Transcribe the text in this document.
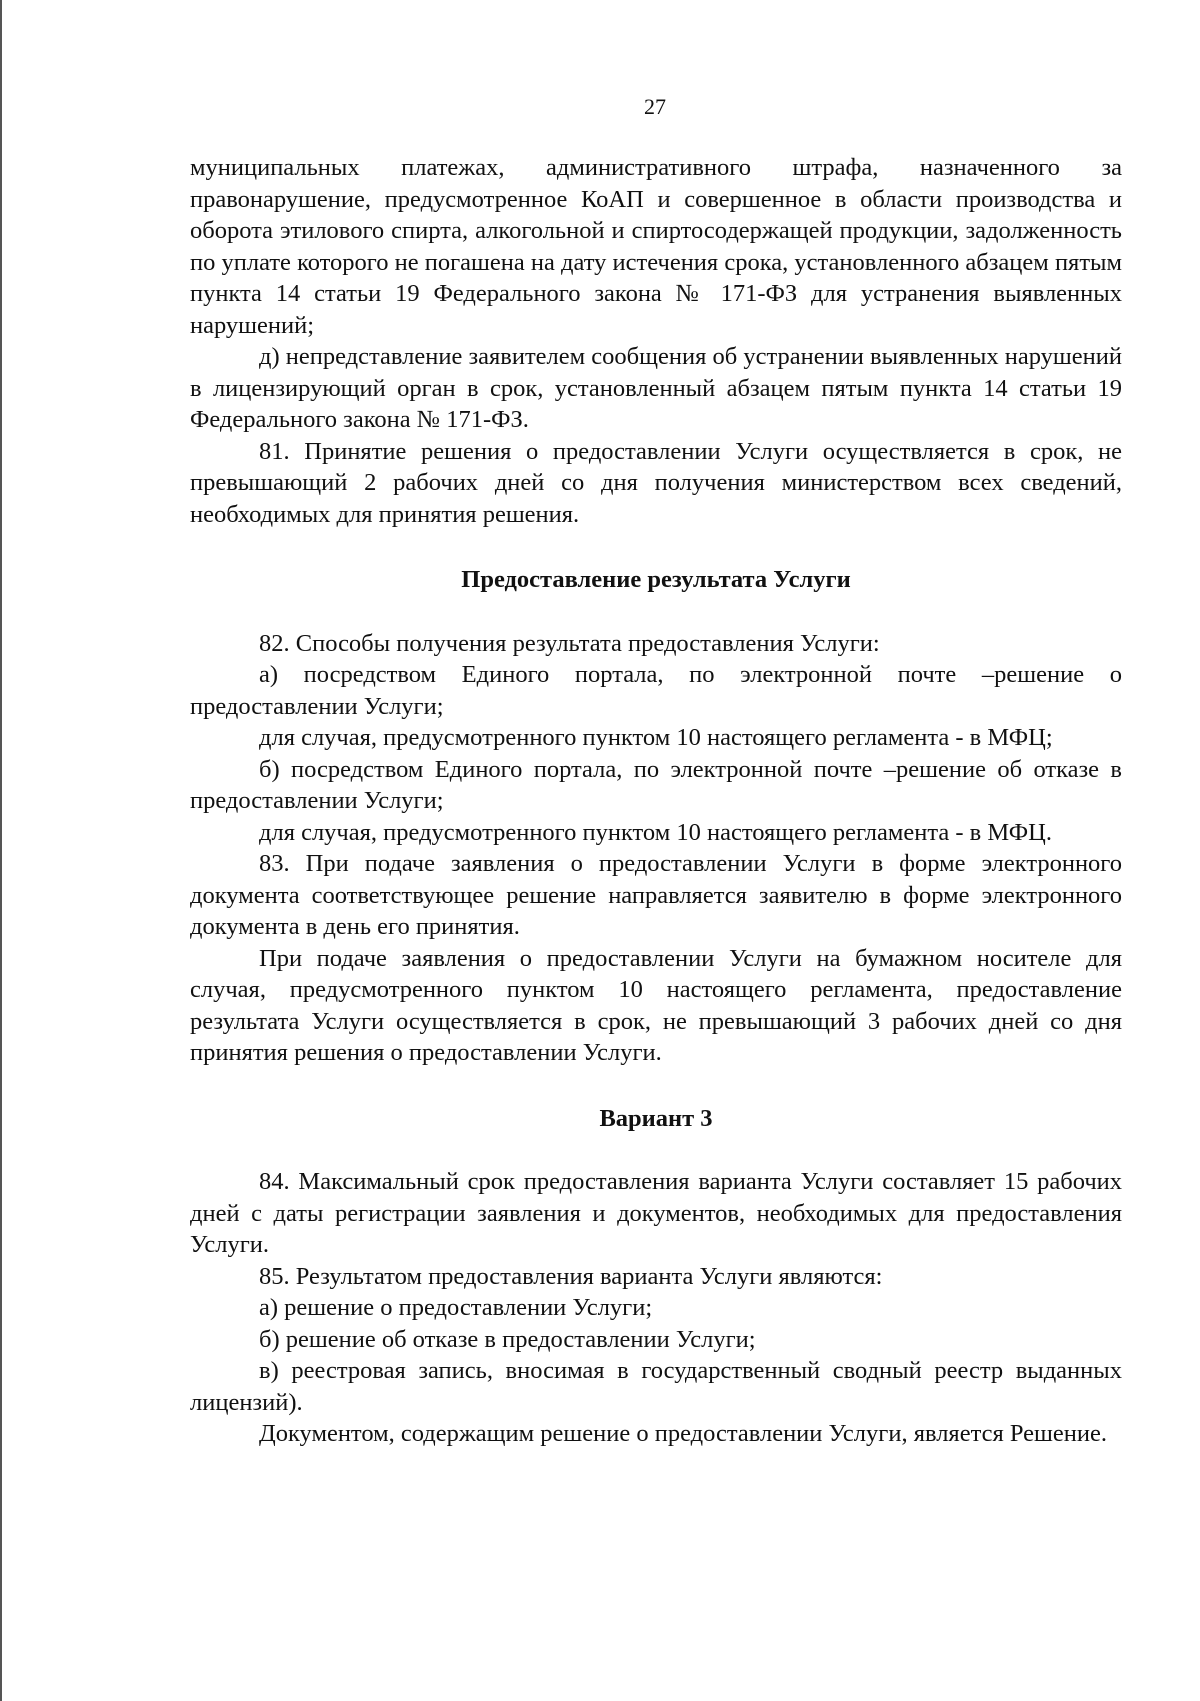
27

муниципальных платежах, административного штрафа, назначенного за правонарушение, предусмотренное КоАП и совершенное в области производства и оборота этилового спирта, алкогольной и спиртосодержащей продукции, задолженность по уплате которого не погашена на дату истечения срока, установленного абзацем пятым пункта 14 статьи 19 Федерального закона № 171-ФЗ для устранения выявленных нарушений;

д) непредставление заявителем сообщения об устранении выявленных нарушений в лицензирующий орган в срок, установленный абзацем пятым пункта 14 статьи 19 Федерального закона № 171-ФЗ.

81. Принятие решения о предоставлении Услуги осуществляется в срок, не превышающий 2 рабочих дней со дня получения министерством всех сведений, необходимых для принятия решения.

Предоставление результата Услуги

82. Способы получения результата предоставления Услуги:

а) посредством Единого портала, по электронной почте –решение о предоставлении Услуги;

для случая, предусмотренного пунктом 10 настоящего регламента - в МФЦ;

б) посредством Единого портала, по электронной почте –решение об отказе в предоставлении Услуги;

для случая, предусмотренного пунктом 10 настоящего регламента - в МФЦ.

83. При подаче заявления о предоставлении Услуги в форме электронного документа соответствующее решение направляется заявителю в форме электронного документа в день его принятия.

При подаче заявления о предоставлении Услуги на бумажном носителе для случая, предусмотренного пунктом 10 настоящего регламента, предоставление результата Услуги осуществляется в срок, не превышающий 3 рабочих дней со дня принятия решения о предоставлении Услуги.

Вариант 3

84. Максимальный срок предоставления варианта Услуги составляет 15 рабочих дней с даты регистрации заявления и документов, необходимых для предоставления Услуги.

85. Результатом предоставления варианта Услуги являются:

а) решение о предоставлении Услуги;

б) решение об отказе в предоставлении Услуги;

в) реестровая запись, вносимая в государственный сводный реестр выданных лицензий).

Документом, содержащим решение о предоставлении Услуги, является Решение.
